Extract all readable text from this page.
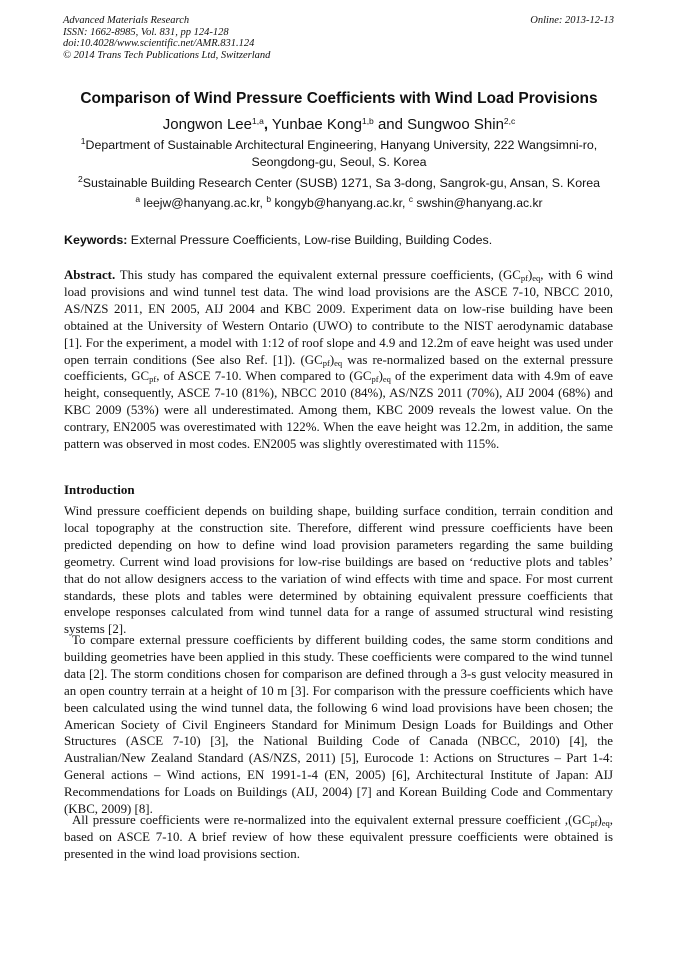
Advanced Materials Research
ISSN: 1662-8985, Vol. 831, pp 124-128
doi:10.4028/www.scientific.net/AMR.831.124
© 2014 Trans Tech Publications Ltd, Switzerland
Online: 2013-12-13
Comparison of Wind Pressure Coefficients with Wind Load Provisions
Jongwon Lee$^{1,a}$, Yunbae Kong$^{1,b}$ and Sungwoo Shin$^{2,c}$
$^1$Department of Sustainable Architectural Engineering, Hanyang University, 222 Wangsimni-ro, Seongdong-gu, Seoul, S. Korea
$^2$Sustainable Building Research Center (SUSB) 1271, Sa 3-dong, Sangrok-gu, Ansan, S. Korea
$^a$ leejw@hanyang.ac.kr, $^b$ kongyb@hanyang.ac.kr, $^c$ swshin@hanyang.ac.kr
Keywords: External Pressure Coefficients, Low-rise Building, Building Codes.
Abstract. This study has compared the equivalent external pressure coefficients, $(GC_{pf})_{eq}$, with 6 wind load provisions and wind tunnel test data. The wind load provisions are the ASCE 7-10, NBCC 2010, AS/NZS 2011, EN 2005, AIJ 2004 and KBC 2009. Experiment data on low-rise building have been obtained at the University of Western Ontario (UWO) to contribute to the NIST aerodynamic database [1]. For the experiment, a model with 1:12 of roof slope and 4.9 and 12.2m of eave height was used under open terrain conditions (See also Ref. [1]). $(GC_{pf})_{eq}$ was re-normalized based on the external pressure coefficients, $GC_{pf}$, of ASCE 7-10. When compared to $(GC_{pf})_{eq}$ of the experiment data with 4.9m of eave height, consequently, ASCE 7-10 (81%), NBCC 2010 (84%), AS/NZS 2011 (70%), AIJ 2004 (68%) and KBC 2009 (53%) were all underestimated. Among them, KBC 2009 reveals the lowest value. On the contrary, EN2005 was overestimated with 122%. When the eave height was 12.2m, in addition, the same pattern was observed in most codes. EN2005 was slightly overestimated with 115%.
Introduction
Wind pressure coefficient depends on building shape, building surface condition, terrain condition and local topography at the construction site. Therefore, different wind pressure coefficients have been predicted depending on how to define wind load provision parameters regarding the same building geometry. Current wind load provisions for low-rise buildings are based on ‘reductive plots and tables’ that do not allow designers access to the variation of wind effects with time and space. For most current standards, these plots and tables were determined by obtaining equivalent pressure coefficients that envelope responses calculated from wind tunnel data for a range of assumed structural wind resisting systems [2].
To compare external pressure coefficients by different building codes, the same storm conditions and building geometries have been applied in this study. These coefficients were compared to the wind tunnel data [2]. The storm conditions chosen for comparison are defined through a 3-s gust velocity measured in an open country terrain at a height of 10 m [3]. For comparison with the pressure coefficients which have been calculated using the wind tunnel data, the following 6 wind load provisions have been chosen; the American Society of Civil Engineers Standard for Minimum Design Loads for Buildings and Other Structures (ASCE 7-10) [3], the National Building Code of Canada (NBCC, 2010) [4], the Australian/New Zealand Standard (AS/NZS, 2011) [5], Eurocode 1: Actions on Structures – Part 1-4: General actions – Wind actions, EN 1991-1-4 (EN, 2005) [6], Architectural Institute of Japan: AIJ Recommendations for Loads on Buildings (AIJ, 2004) [7] and Korean Building Code and Commentary (KBC, 2009) [8].
All pressure coefficients were re-normalized into the equivalent external pressure coefficient $,(GC_{pf})_{eq}$, based on ASCE 7-10. A brief review of how these equivalent pressure coefficients were obtained is presented in the wind load provisions section.
